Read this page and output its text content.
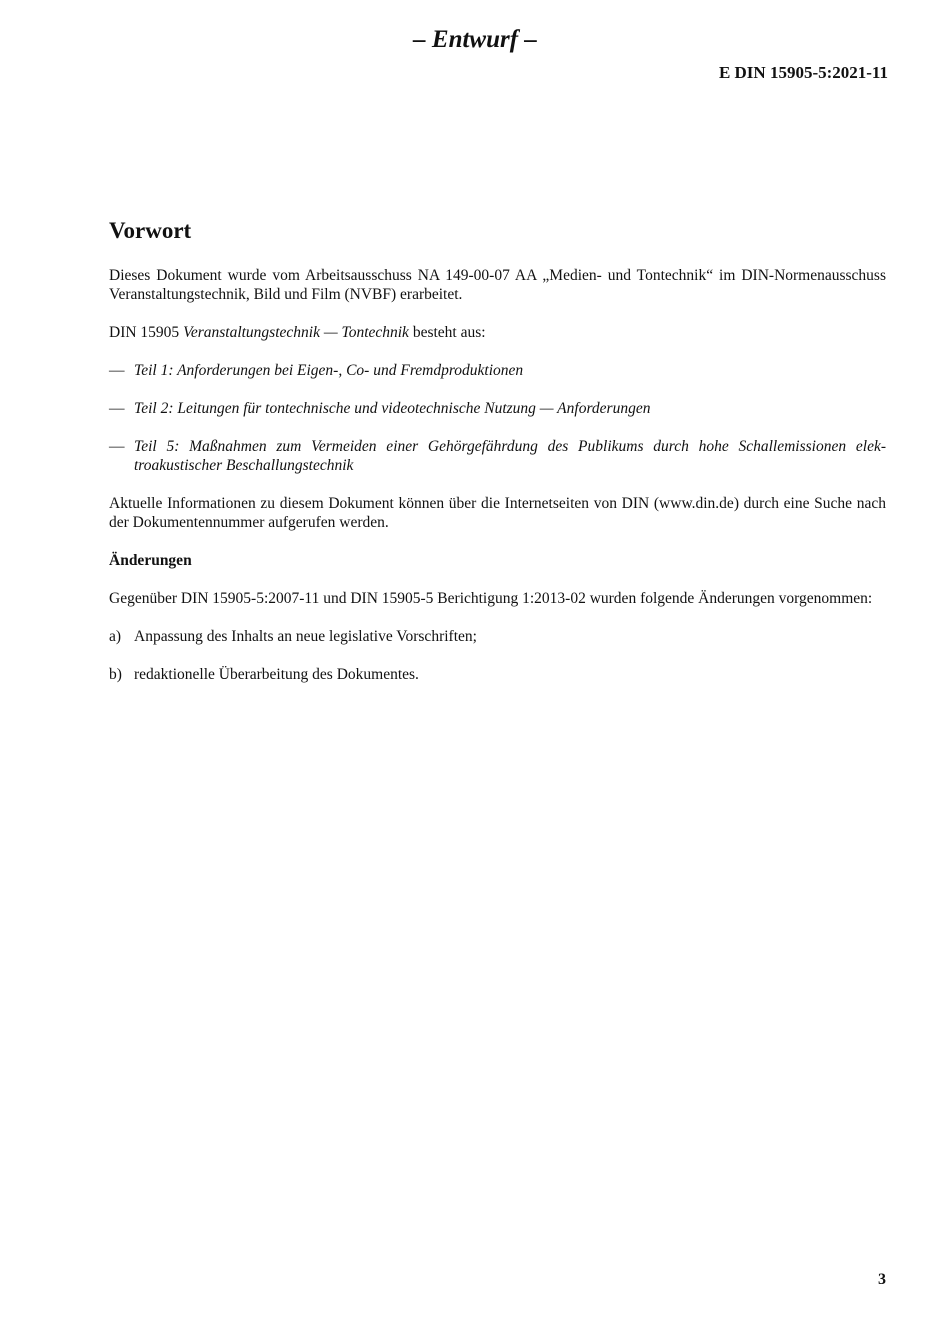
– Entwurf –
E DIN 15905-5:2021-11
Vorwort

Dieses Dokument wurde vom Arbeitsausschuss NA 149-00-07 AA „Medien- und Tontechnik“ im DIN-Normenausschuss Veranstaltungstechnik, Bild und Film (NVBF) erarbeitet.

DIN 15905 Veranstaltungstechnik — Tontechnik besteht aus:

— Teil 1: Anforderungen bei Eigen-, Co- und Fremdproduktionen
— Teil 2: Leitungen für tontechnische und videotechnische Nutzung — Anforderungen
— Teil 5: Maßnahmen zum Vermeiden einer Gehörgefährdung des Publikums durch hohe Schallemissionen elektroakustischer Beschallungstechnik

Aktuelle Informationen zu diesem Dokument können über die Internetseiten von DIN (www.din.de) durch eine Suche nach der Dokumentennummer aufgerufen werden.

Änderungen

Gegenüber DIN 15905-5:2007-11 und DIN 15905-5 Berichtigung 1:2013-02 wurden folgende Änderungen vorgenommen:

a) Anpassung des Inhalts an neue legislative Vorschriften;
b) redaktionelle Überarbeitung des Dokumentes.
3
